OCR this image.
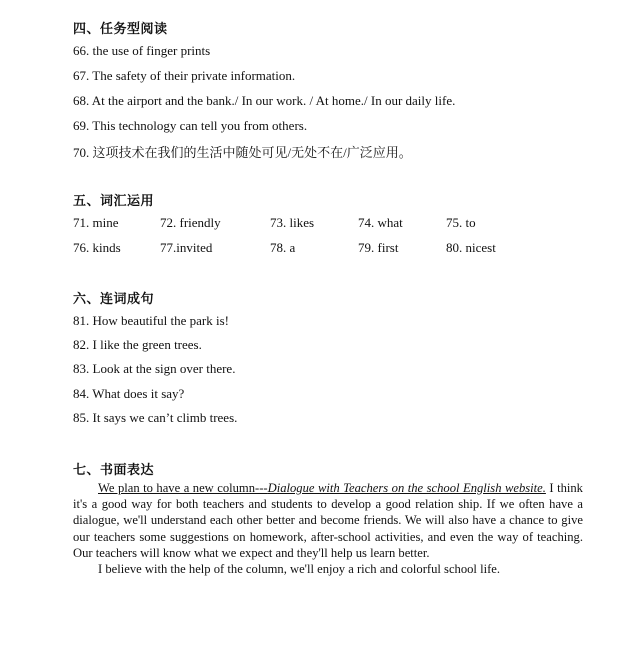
四、任务型阅读
66. the use of finger prints
67. The safety of their private information.
68. At the airport and the bank./ In our work. / At home./ In our daily life.
69. This technology can tell you from others.
70. 这项技术在我们的生活中随处可见/无处不在/广泛应用。
五、词汇运用
71. mine	72. friendly	73. likes	74. what	75. to
76. kinds	77.invited	78. a	79. first	80. nicest
六、连词成句
81. How beautiful the park is!
82. I like the green trees.
83. Look at the sign over there.
84. What does it say?
85. It says we can’t climb trees.
七、书面表达

We plan to have a new column---Dialogue with Teachers on the school English website. I think it's a good way for both teachers and students to develop a good relation ship. If we often have a dialogue, we'll understand each other better and become friends. We will also have a chance to give our teachers some suggestions on homework, after-school activities, and even the way of teaching. Our teachers will know what we expect and they'll help us learn better.

I believe with the help of the column, we'll enjoy a rich and colorful school life.
